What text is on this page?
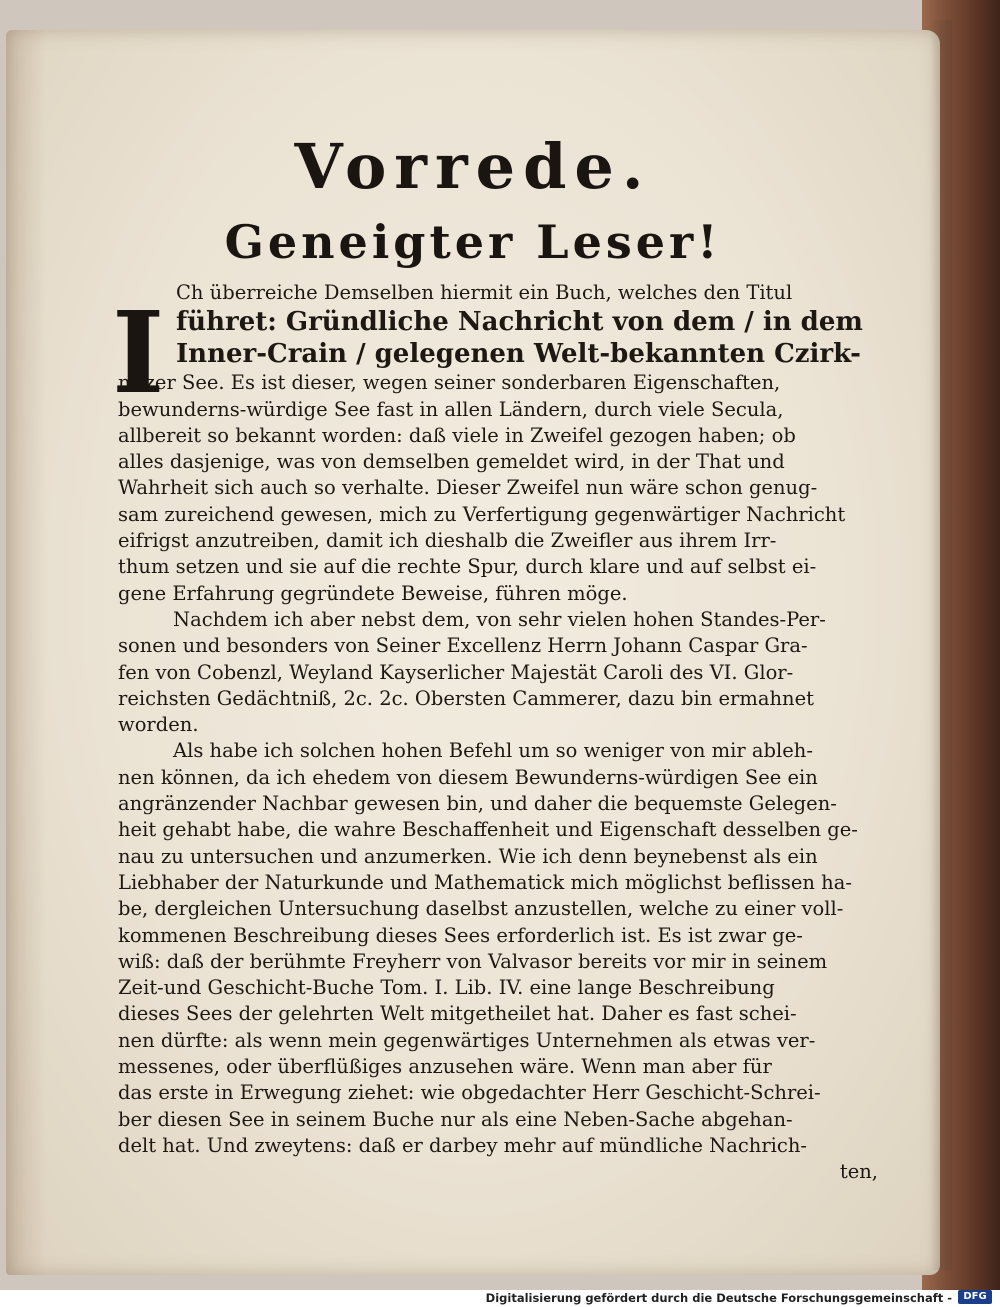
Vorrede.
Geneigter Leser!
I Ch überreiche Demselben hiermit ein Buch, welches den Titul
führet: Gründliche Nachricht von dem / in dem
Inner-Crain / gelegenen Welt-bekannten Czirk-
nitzer See. Es ist dieser, wegen seiner sonderbaren Eigenschaften,
bewunderns-würdige See fast in allen Ländern, durch viele Secula,
allbereit so bekannt worden: daß viele in Zweifel gezogen haben; ob
alles dasjenige, was von demselben gemeldet wird, in der That und
Wahrheit sich auch so verhalte. Dieser Zweifel nun wäre schon genug-
sam zureichend gewesen, mich zu Verfertigung gegenwärtiger Nachricht
eifrigst anzutreiben, damit ich dieshalb die Zweifler aus ihrem Irr-
thum setzen und sie auf die rechte Spur, durch klare und auf selbst ei-
gene Erfahrung gegründete Beweise, führen möge.
Nachdem ich aber nebst dem, von sehr vielen hohen Standes-Per-
sonen und besonders von Seiner Excellenz Herrn Johann Caspar Gra-
fen von Cobenzl, Weyland Kayserlicher Majestät Caroli des VI. Glor-
reichsten Gedächtniß, 2c. 2c. Obersten Cammerer, dazu bin ermahnet
worden.
Als habe ich solchen hohen Befehl um so weniger von mir ableh-
nen können, da ich ehedem von diesem Bewunderns-würdigen See ein
angränzender Nachbar gewesen bin, und daher die bequemste Gelegen-
heit gehabt habe, die wahre Beschaffenheit und Eigenschaft desselben ge-
nau zu untersuchen und anzumerken. Wie ich denn beynebenst als ein
Liebhaber der Naturkunde und Mathematick mich möglichst beflissen ha-
be, dergleichen Untersuchung daselbst anzustellen, welche zu einer voll-
kommenen Beschreibung dieses Sees erforderlich ist. Es ist zwar ge-
wiß: daß der berühmte Freyherr von Valvasor bereits vor mir in seinem
Zeit-und Geschicht-Buche Tom. I. Lib. IV. eine lange Beschreibung
dieses Sees der gelehrten Welt mitgetheilet hat. Daher es fast schei-
nen dürfte: als wenn mein gegenwärtiges Unternehmen als etwas ver-
messenes, oder überflüßiges anzusehen wäre. Wenn man aber für
das erste in Erwegung ziehet: wie obgedachter Herr Geschicht-Schrei-
ber diesen See in seinem Buche nur als eine Neben-Sache abgehan-
delt hat. Und zweytens: daß er darbey mehr auf mündliche Nachrich-
ten,
Digitalisierung gefördert durch die Deutsche Forschungsgemeinschaft -	DFG
